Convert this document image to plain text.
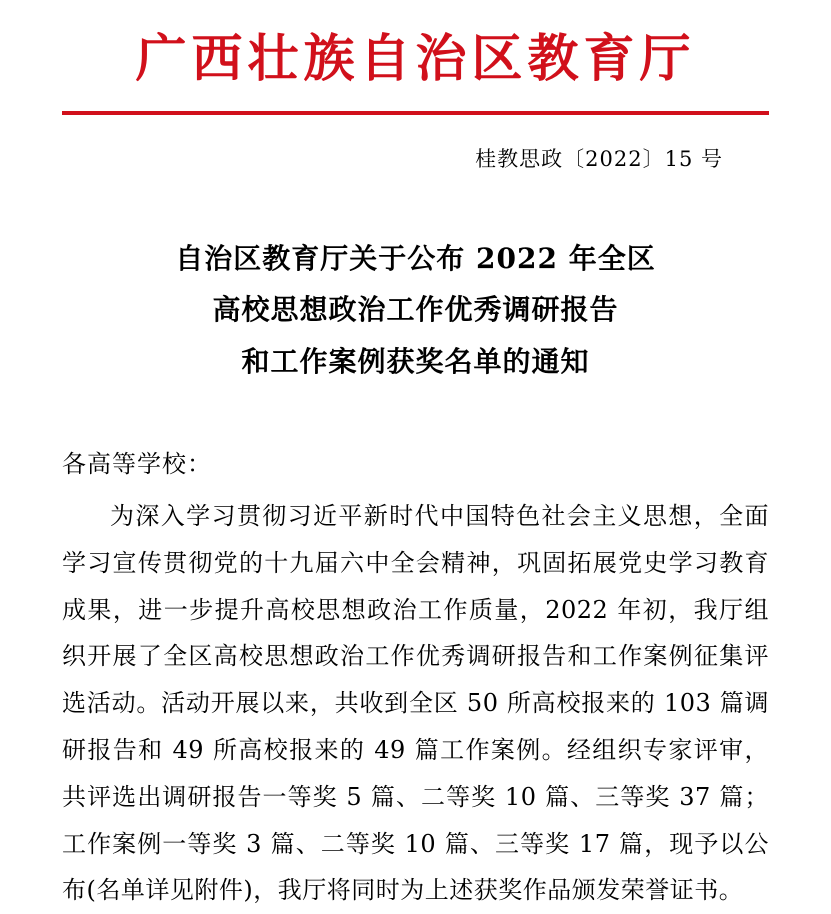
广西壮族自治区教育厅
桂教思政〔2022〕15 号
自治区教育厅关于公布 2022 年全区
高校思想政治工作优秀调研报告
和工作案例获奖名单的通知
各高等学校：
为深入学习贯彻习近平新时代中国特色社会主义思想，全面学习宣传贯彻党的十九届六中全会精神，巩固拓展党史学习教育成果，进一步提升高校思想政治工作质量，2022 年初，我厅组织开展了全区高校思想政治工作优秀调研报告和工作案例征集评选活动。活动开展以来，共收到全区 50 所高校报来的 103 篇调研报告和 49 所高校报来的 49 篇工作案例。经组织专家评审，共评选出调研报告一等奖 5 篇、二等奖 10 篇、三等奖 37 篇；工作案例一等奖 3 篇、二等奖 10 篇、三等奖 17 篇，现予以公布(名单详见附件)，我厅将同时为上述获奖作品颁发荣誉证书。
